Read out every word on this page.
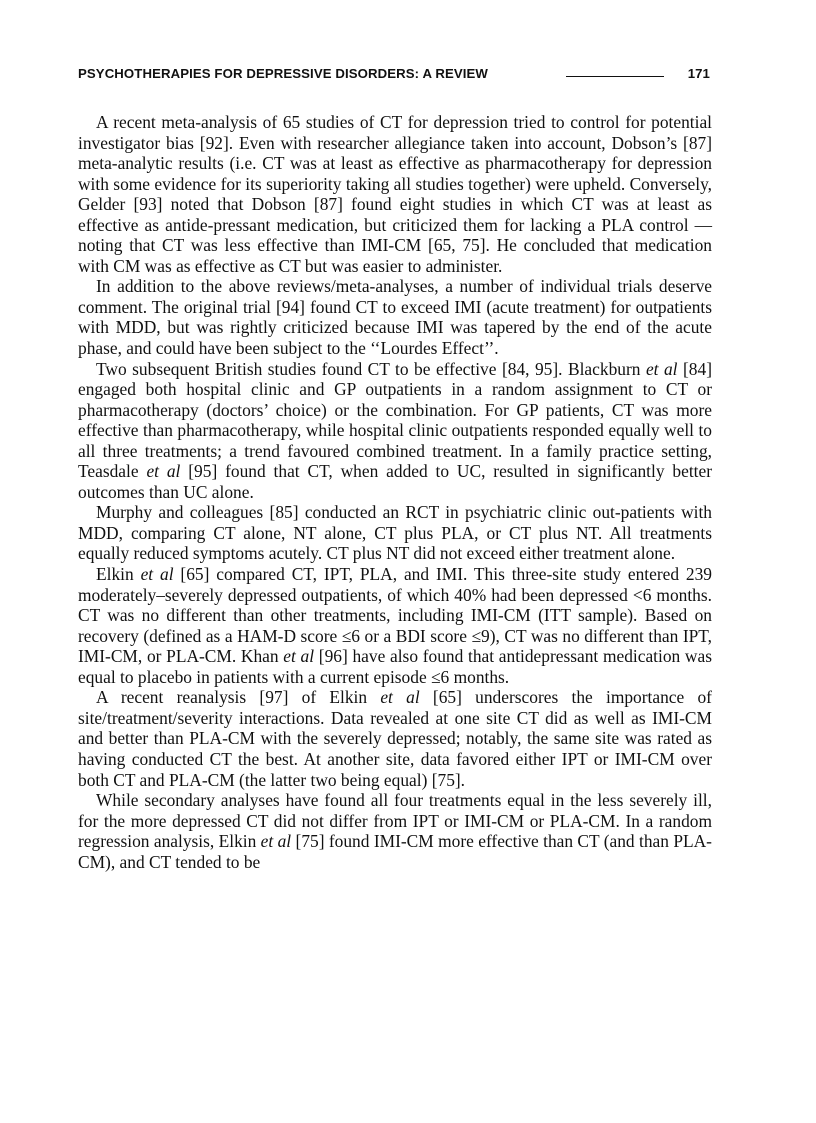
PSYCHOTHERAPIES FOR DEPRESSIVE DISORDERS: A REVIEW	171

A recent meta-analysis of 65 studies of CT for depression tried to control for potential investigator bias [92]. Even with researcher allegiance taken into account, Dobson’s [87] meta-analytic results (i.e. CT was at least as effective as pharmacotherapy for depression with some evidence for its superiority taking all studies together) were upheld. Conversely, Gelder [93] noted that Dobson [87] found eight studies in which CT was at least as effective as antide-pressant medication, but criticized them for lacking a PLA control — noting that CT was less effective than IMI-CM [65, 75]. He concluded that medication with CM was as effective as CT but was easier to administer.

In addition to the above reviews/meta-analyses, a number of individual trials deserve comment. The original trial [94] found CT to exceed IMI (acute treatment) for outpatients with MDD, but was rightly criticized because IMI was tapered by the end of the acute phase, and could have been subject to the ‘‘Lourdes Effect’’.

Two subsequent British studies found CT to be effective [84, 95]. Blackburn et al [84] engaged both hospital clinic and GP outpatients in a random assignment to CT or pharmacotherapy (doctors’ choice) or the combination. For GP patients, CT was more effective than pharmacotherapy, while hospital clinic outpatients responded equally well to all three treatments; a trend favoured combined treatment. In a family practice setting, Teasdale et al [95] found that CT, when added to UC, resulted in significantly better outcomes than UC alone.

Murphy and colleagues [85] conducted an RCT in psychiatric clinic out-patients with MDD, comparing CT alone, NT alone, CT plus PLA, or CT plus NT. All treatments equally reduced symptoms acutely. CT plus NT did not exceed either treatment alone.

Elkin et al [65] compared CT, IPT, PLA, and IMI. This three-site study entered 239 moderately–severely depressed outpatients, of which 40% had been depressed <6 months. CT was no different than other treatments, including IMI-CM (ITT sample). Based on recovery (defined as a HAM-D score ≤6 or a BDI score ≤9), CT was no different than IPT, IMI-CM, or PLA-CM. Khan et al [96] have also found that antidepressant medication was equal to placebo in patients with a current episode ≤6 months.

A recent reanalysis [97] of Elkin et al [65] underscores the importance of site/treatment/severity interactions. Data revealed at one site CT did as well as IMI-CM and better than PLA-CM with the severely depressed; notably, the same site was rated as having conducted CT the best. At another site, data favored either IPT or IMI-CM over both CT and PLA-CM (the latter two being equal) [75].

While secondary analyses have found all four treatments equal in the less severely ill, for the more depressed CT did not differ from IPT or IMI-CM or PLA-CM. In a random regression analysis, Elkin et al [75] found IMI-CM more effective than CT (and than PLA-CM), and CT tended to be
